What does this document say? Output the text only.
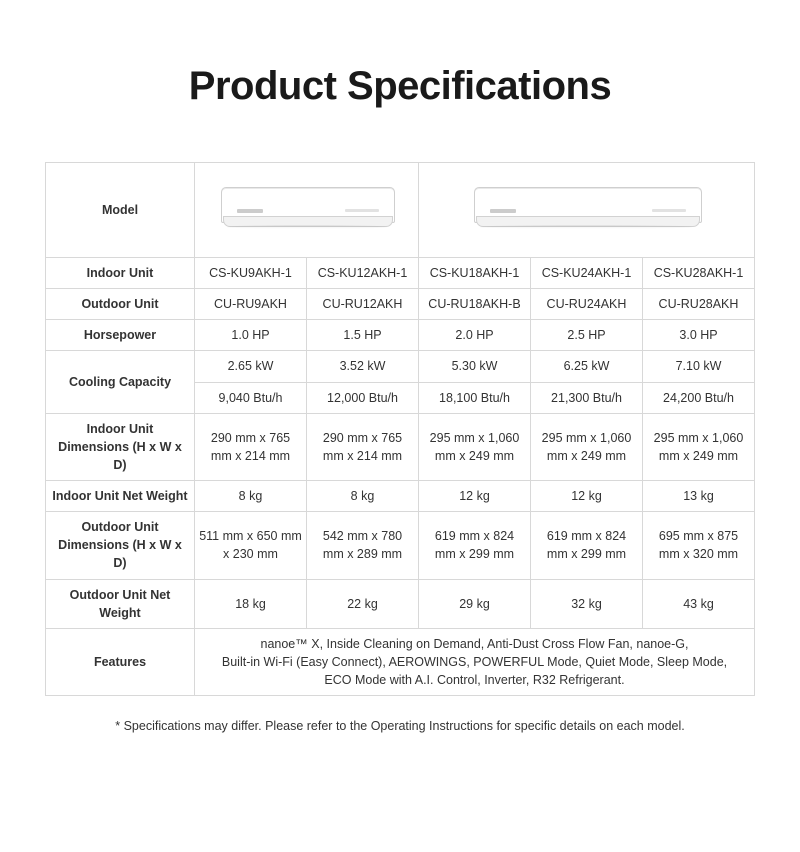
Product Specifications
Model				

Indoor Unit	CS-KU9AKH-1	CS-KU12AKH-1	CS-KU18AKH-1	CS-KU24AKH-1	CS-KU28AKH-1
Outdoor Unit	CU-RU9AKH	CU-RU12AKH	CU-RU18AKH-B	CU-RU24AKH	CU-RU28AKH
Horsepower	1.0 HP	1.5 HP	2.0 HP	2.5 HP	3.0 HP
Cooling Capacity	2.65 kW	3.52 kW	5.30 kW	6.25 kW	7.10 kW
	9,040 Btu/h	12,000 Btu/h	18,100 Btu/h	21,300 Btu/h	24,200 Btu/h
Indoor Unit Dimensions (H x W x D)	290 mm x 765 mm x 214 mm	290 mm x 765 mm x 214 mm	295 mm x 1,060 mm x 249 mm	295 mm x 1,060 mm x 249 mm	295 mm x 1,060 mm x 249 mm
Indoor Unit Net Weight	8 kg	8 kg	12 kg	12 kg	13 kg
Outdoor Unit Dimensions (H x W x D)	511 mm x 650 mm x 230 mm	542 mm x 780 mm x 289 mm	619 mm x 824 mm x 299 mm	619 mm x 824 mm x 299 mm	695 mm x 875 mm x 320 mm
Outdoor Unit Net Weight	18 kg	22 kg	29 kg	32 kg	43 kg
Features	nanoe™ X, Inside Cleaning on Demand, Anti-Dust Cross Flow Fan, nanoe-G,
Built-in Wi-Fi (Easy Connect), AEROWINGS, POWERFUL Mode, Quiet Mode, Sleep Mode,
ECO Mode with A.I. Control, Inverter, R32 Refrigerant.				
* Specifications may differ. Please refer to the Operating Instructions for specific details on each model.
